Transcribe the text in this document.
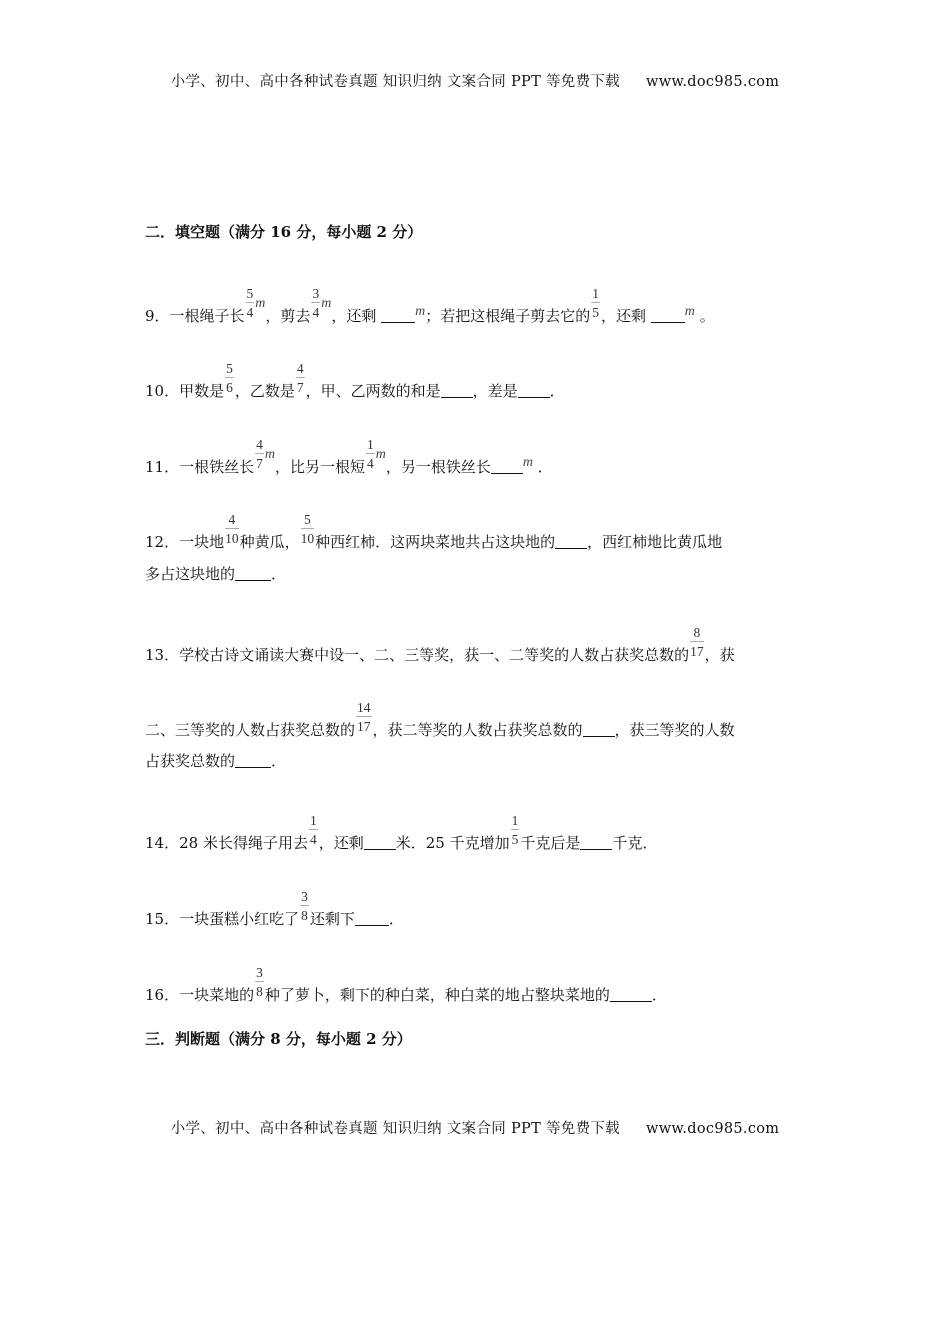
小学、初中、高中各种试卷真题 知识归纳 文案合同 PPT 等免费下载 www.doc985.com
二．填空题（满分 16 分，每小题 2 分）
9．一根绳子长 $\frac{5}{4}$ m，剪去 $\frac{3}{4}$ m，还剩	m；若把这根绳子剪去它的 $\frac{1}{5}$ ，还剩	m 。
10．甲数是 $\frac{5}{6}$ ，乙数是 $\frac{4}{7}$ ，甲、乙两数的和是 ，差是 ．
11．一根铁丝长 $\frac{4}{7}$ m，比另一根短 $\frac{1}{4}$ m，另一根铁丝长 m ．
12．一块地 $\frac{4}{10}$ 种黄瓜， $\frac{5}{10}$ 种西红柿．这两块菜地共占这块地的 ，西红柿地比黄瓜地
多占这块地的 ．
13．学校古诗文诵读大赛中设一、二、三等奖，获一、二等奖的人数占获奖总数的 $\frac{8}{17}$ ，获
二、三等奖的人数占获奖总数的 $\frac{14}{17}$ ，获二等奖的人数占获奖总数的 ，获三等奖的人数
占获奖总数的 ．
14．28 米长得绳子用去 $\frac{1}{4}$ ，还剩 米．25 千克增加 $\frac{1}{5}$ 千克后是 千克．
15．一块蛋糕小红吃了 $\frac{3}{8}$ 还剩下 ．
16．一块菜地的 $\frac{3}{8}$ 种了萝卜，剩下的种白菜，种白菜的地占整块菜地的	．
三．判断题（满分 8 分，每小题 2 分）
小学、初中、高中各种试卷真题 知识归纳 文案合同 PPT 等免费下载 www.doc985.com
